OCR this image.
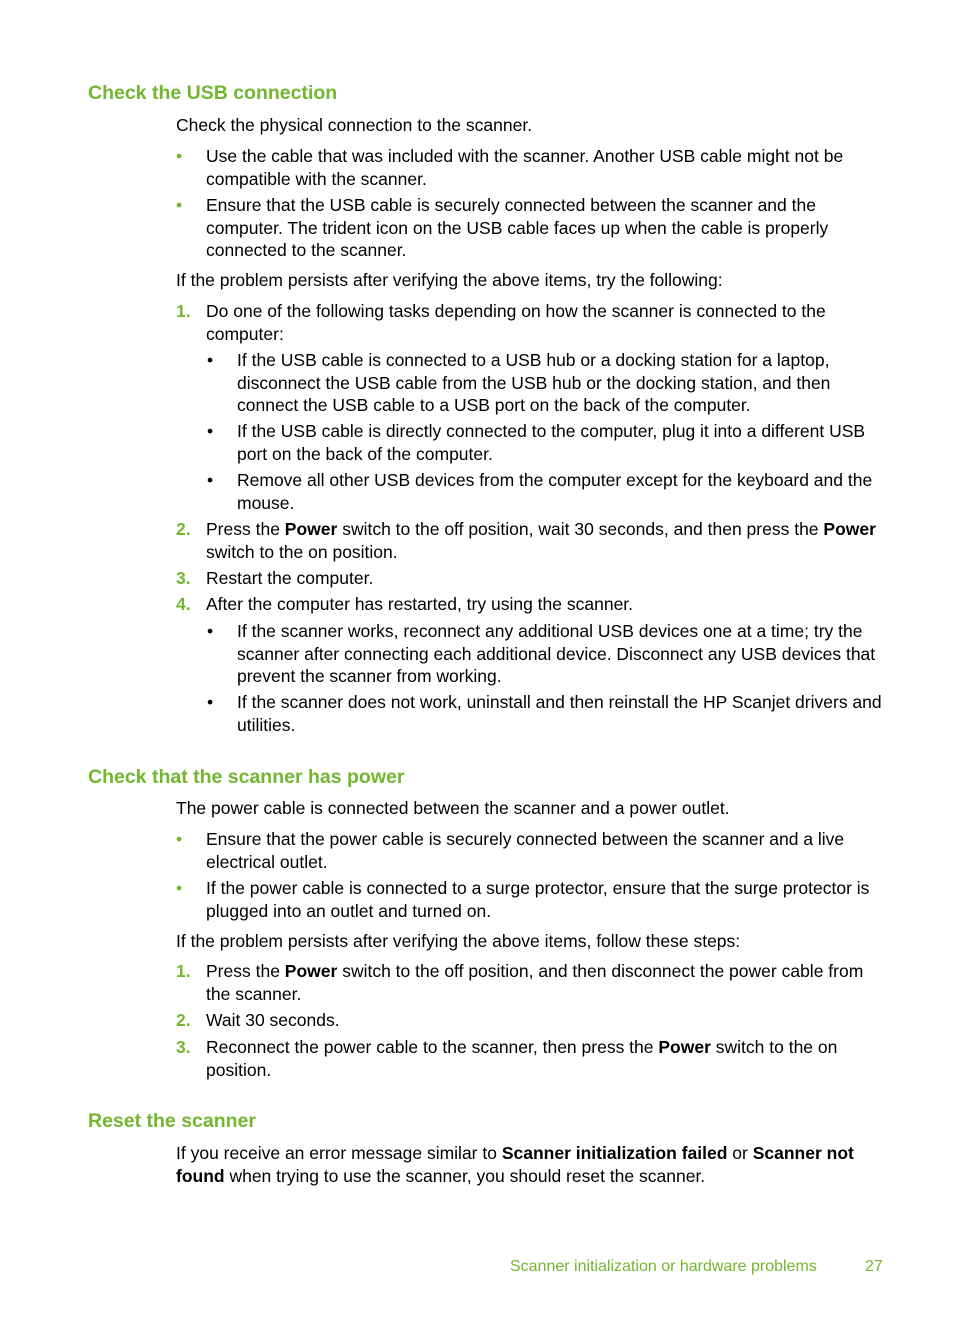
Check the USB connection

Check the physical connection to the scanner.

• Use the cable that was included with the scanner. Another USB cable might not be compatible with the scanner.
• Ensure that the USB cable is securely connected between the scanner and the computer. The trident icon on the USB cable faces up when the cable is properly connected to the scanner.

If the problem persists after verifying the above items, try the following:

1. Do one of the following tasks depending on how the scanner is connected to the computer:
• If the USB cable is connected to a USB hub or a docking station for a laptop, disconnect the USB cable from the USB hub or the docking station, and then connect the USB cable to a USB port on the back of the computer.
• If the USB cable is directly connected to the computer, plug it into a different USB port on the back of the computer.
• Remove all other USB devices from the computer except for the keyboard and the mouse.
2. Press the Power switch to the off position, wait 30 seconds, and then press the Power switch to the on position.
3. Restart the computer.
4. After the computer has restarted, try using the scanner.
• If the scanner works, reconnect any additional USB devices one at a time; try the scanner after connecting each additional device. Disconnect any USB devices that prevent the scanner from working.
• If the scanner does not work, uninstall and then reinstall the HP Scanjet drivers and utilities.
Check that the scanner has power

The power cable is connected between the scanner and a power outlet.

• Ensure that the power cable is securely connected between the scanner and a live electrical outlet.
• If the power cable is connected to a surge protector, ensure that the surge protector is plugged into an outlet and turned on.

If the problem persists after verifying the above items, follow these steps:

1. Press the Power switch to the off position, and then disconnect the power cable from the scanner.
2. Wait 30 seconds.
3. Reconnect the power cable to the scanner, then press the Power switch to the on position.
Reset the scanner

If you receive an error message similar to Scanner initialization failed or Scanner not found when trying to use the scanner, you should reset the scanner.

Scanner initialization or hardware problems	27
